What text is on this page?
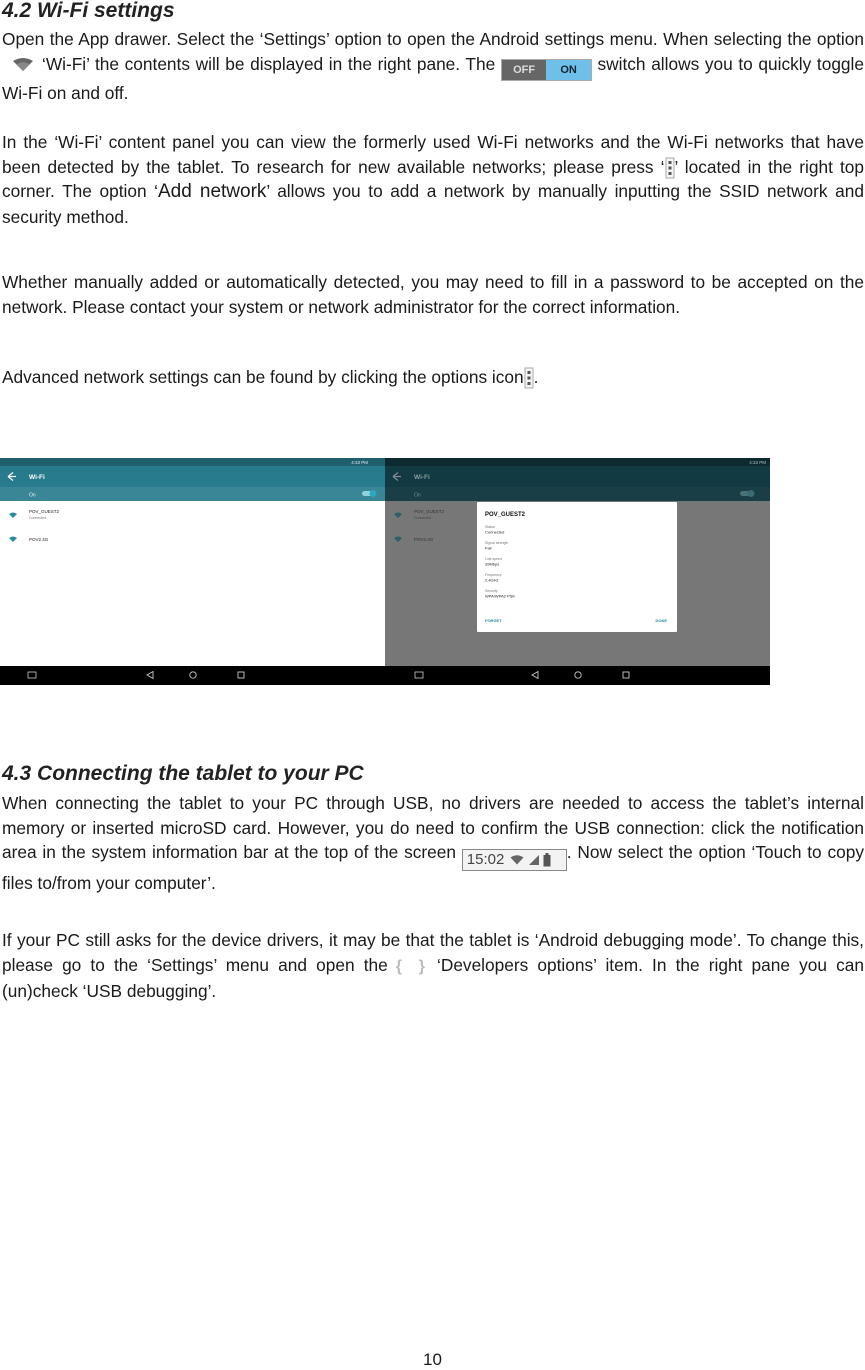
4.2 Wi-Fi settings

Open the App drawer. Select the ‘Settings’ option to open the Android settings menu. When selecting the option‘Wi-Fi’ the contents will be displayed in the right pane. The	OFF	ON	switch allows you to quickly toggle Wi-Fi on and off.

In the ‘Wi-Fi’ content panel you can view the formerly used Wi-Fi networks and the Wi-Fi networks that have been detected by the tablet. To research for new available networks; please press ‘ ’ located in the right top corner. The option ‘Add network’ allows you to add a network by manually inputting the SSID network and security method.

Whether manually added or automatically detected, you may need to fill in a password to be accepted on the network. Please contact your system or network administrator for the correct information.

Advanced network settings can be found by clicking the options icon .

4:33 PM
Wi-Fi
On
POV_GUEST2
Connected
POV2.4G
4:33 PM
Wi-Fi
On
POV_GUEST2
Connected
POV2.4G
POV_GUEST2
Status
Connected
Signal strength
Fair
Link speed
39Mbps
Frequency
2.4GHz
Security
WPA/WPA2 PSK
FORGET	DONE
4.3 Connecting the tablet to your PC

When connecting the tablet to your PC through USB, no drivers are needed to access the tablet’s internal memory or inserted microSD card. However, you do need to confirm the USB connection: click the notification area in the system information bar at the top of the screen 15:02	. Now select the option ‘Touch to copy files to/from your computer’.

If your PC still asks for the device drivers, it may be that the tablet is ‘Android debugging mode’. To change this, please go to the ‘Settings’ menu and open the { } ‘Developers options’ item. In the right pane you can (un)check ‘USB debugging’.

10
